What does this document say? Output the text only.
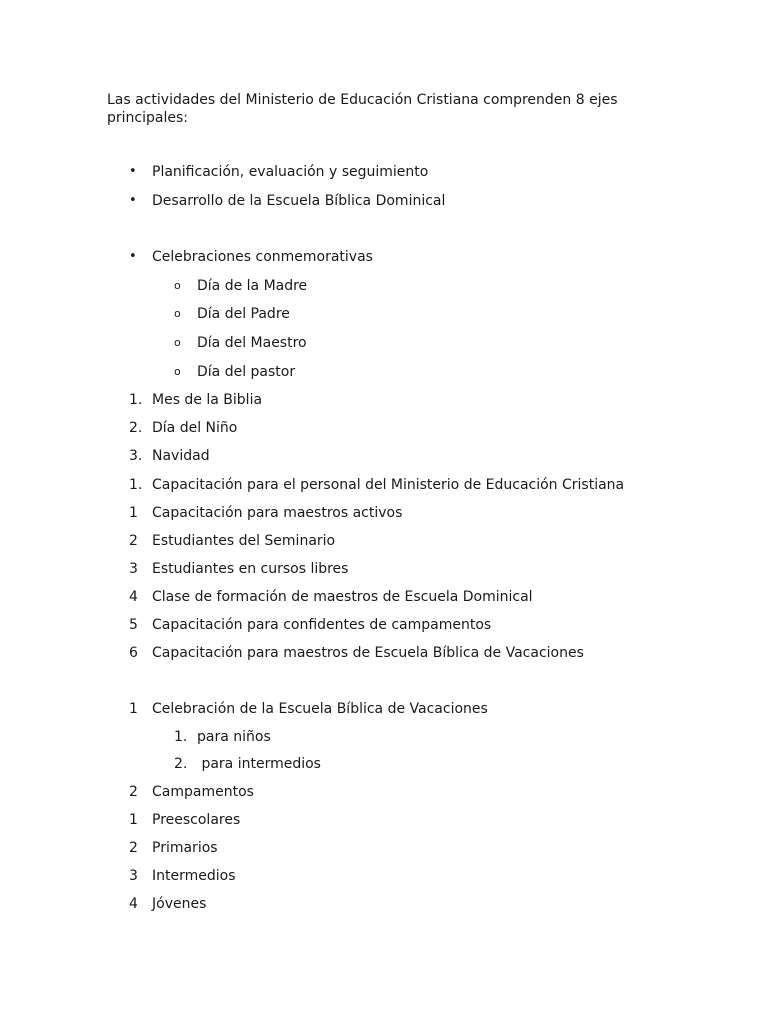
Las actividades del Ministerio de Educación Cristiana comprenden 8 ejes principales:

• Planificación, evaluación y seguimiento
• Desarrollo de la Escuela Bíblica Dominical
• Celebraciones conmemorativas
o Día de la Madre
o Día del Padre
o Día del Maestro
o Día del pastor
1. Mes de la Biblia
2. Día del Niño
3. Navidad
1. Capacitación para el personal del Ministerio de Educación Cristiana
1 Capacitación para maestros activos
2 Estudiantes del Seminario
3 Estudiantes en cursos libres
4 Clase de formación de maestros de Escuela Dominical
5 Capacitación para confidentes de campamentos
6 Capacitación para maestros de Escuela Bíblica de Vacaciones
1 Celebración de la Escuela Bíblica de Vacaciones
1. para niños
2. para intermedios
2 Campamentos
1 Preescolares
2 Primarios
3 Intermedios
4 Jóvenes
